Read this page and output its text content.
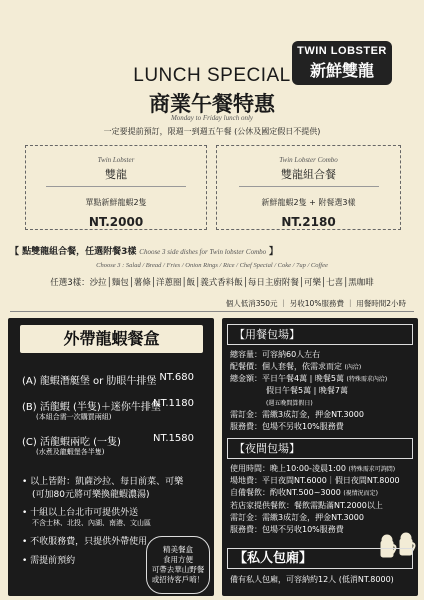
TWIN LOBSTER
新鮮雙龍
LUNCH SPECIAL
商業午餐特惠
Monday to Friday lunch only
一定要提前預訂，限週一到週五午餐 (公休及國定假日不提供)
Twin Lobster
雙龍
單點新鮮龍蝦2隻
NT.2000
Twin Lobster Combo
雙龍組合餐
新鮮龍蝦2隻 + 附餐選3樣
NT.2180
【 點雙龍組合餐，任選附餐3樣 Choose 3 side dishes for Twin lobster Combo 】
Choose 3 : Salad / Bread / Fries / Onion Rings / Rice / Chef Special / Coke / 7up / Coffee
任選3樣：沙拉│麵包│薯條│洋蔥圈│飯│義式香料飯│每日主廚附餐│可樂│七喜│黑咖啡
個人低消350元 ｜ 另收10%服務費 ｜ 用餐時間2小時
外帶龍蝦餐盒
(A) 龍蝦潛艇堡 or 肋眼牛排堡 NT.680
(B) 活龍蝦 (半隻)＋迷你牛排堡
NT.1180
(本組合需一次購買兩組)
(C) 活龍蝦兩吃 (一隻)	NT.1580
(水煮及龍蝦堡各半隻)
• 以上皆附：凱薩沙拉、每日前菜、可樂
(可加80元將可樂換龍蝦濃湯)
• 十組以上台北市可提供外送
不含士林、北投、內湖、南港、文山區
• 不收服務費，只提供外帶使用
• 需提前預約
精美餐盒
食用方便
可帶去華山野餐
或招待客戶唷！
【用餐包場】
總容量：可容納60人左右
配餐價：個人套餐，依需求而定 (內洽)
總金額：平日午餐4萬 | 晚餐5萬 (特殊需求內洽)
假日午餐5萬 | 晚餐7萬
(週五晚間算假日)
需訂金：需繳3成訂金，押金NT.3000
服務費：包場不另收10%服務費
【夜間包場】
使用時間：晚上10:00-凌晨1:00 (特殊需求可詢問)
場地費：平日夜間NT.6000｜假日夜間NT.8000
自備餐飲：酌收NT.500~3000 (視情況而定)
若店家提供餐飲：餐飲需點滿NT.2000以上
需訂金：需繳3成訂金，押金NT.3000
服務費：包場不另收10%服務費
【私人包廂】
備有私人包廂，可容納約12人 (低消NT.8000)
